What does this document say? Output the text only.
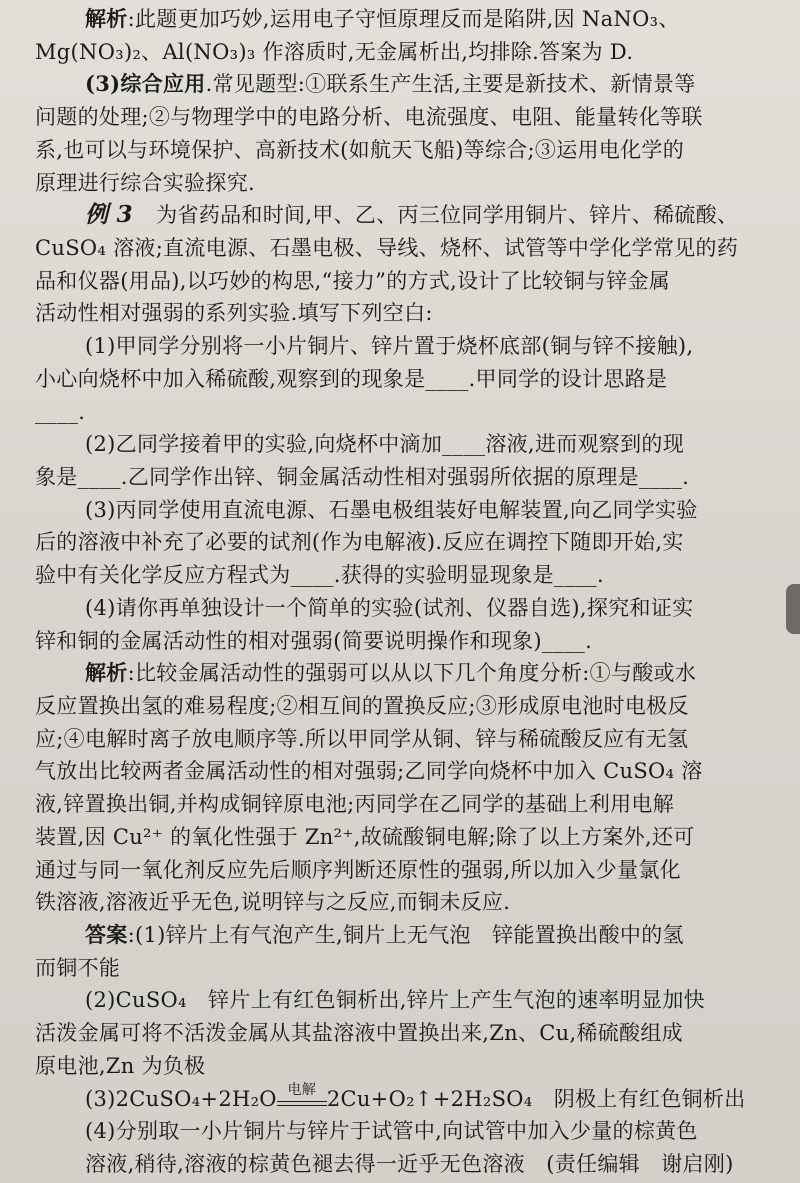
解析:此题更加巧妙,运用电子守恒原理反而是陷阱,因 NaNO₃、
Mg(NO₃)₂、Al(NO₃)₃ 作溶质时,无金属析出,均排除.答案为 D.
(3)综合应用.常见题型:①联系生产生活,主要是新技术、新情景等
问题的处理;②与物理学中的电路分析、电流强度、电阻、能量转化等联
系,也可以与环境保护、高新技术(如航天飞船)等综合;③运用电化学的
原理进行综合实验探究.
例 3　为省药品和时间,甲、乙、丙三位同学用铜片、锌片、稀硫酸、
CuSO₄ 溶液;直流电源、石墨电极、导线、烧杯、试管等中学化学常见的药
品和仪器(用品),以巧妙的构思,“接力”的方式,设计了比较铜与锌金属
活动性相对强弱的系列实验.填写下列空白:
(1)甲同学分别将一小片铜片、锌片置于烧杯底部(铜与锌不接触),
小心向烧杯中加入稀硫酸,观察到的现象是____.甲同学的设计思路是
____.
(2)乙同学接着甲的实验,向烧杯中滴加____溶液,进而观察到的现
象是____.乙同学作出锌、铜金属活动性相对强弱所依据的原理是____.
(3)丙同学使用直流电源、石墨电极组装好电解装置,向乙同学实验
后的溶液中补充了必要的试剂(作为电解液).反应在调控下随即开始,实
验中有关化学反应方程式为____.获得的实验明显现象是____.
(4)请你再单独设计一个简单的实验(试剂、仪器自选),探究和证实
锌和铜的金属活动性的相对强弱(简要说明操作和现象)____.
解析:比较金属活动性的强弱可以从以下几个角度分析:①与酸或水
反应置换出氢的难易程度;②相互间的置换反应;③形成原电池时电极反
应;④电解时离子放电顺序等.所以甲同学从铜、锌与稀硫酸反应有无氢
气放出比较两者金属活动性的相对强弱;乙同学向烧杯中加入 CuSO₄ 溶
液,锌置换出铜,并构成铜锌原电池;丙同学在乙同学的基础上利用电解
装置,因 Cu²⁺ 的氧化性强于 Zn²⁺,故硫酸铜电解;除了以上方案外,还可
通过与同一氧化剂反应先后顺序判断还原性的强弱,所以加入少量氯化
铁溶液,溶液近乎无色,说明锌与之反应,而铜未反应.
答案:(1)锌片上有气泡产生,铜片上无气泡　锌能置换出酸中的氢
而铜不能
(2)CuSO₄　锌片上有红色铜析出,锌片上产生气泡的速率明显加快
活泼金属可将不活泼金属从其盐溶液中置换出来,Zn、Cu,稀硫酸组成
原电池,Zn 为负极
(3)2CuSO₄+2H₂O 电解 2Cu+O₂↑+2H₂SO₄　阴极上有红色铜析出
(4)分别取一小片铜片与锌片于试管中,向试管中加入少量的棕黄色
溶液,稍待,溶液的棕黄色褪去得一近乎无色溶液　(责任编辑　谢启刚)
